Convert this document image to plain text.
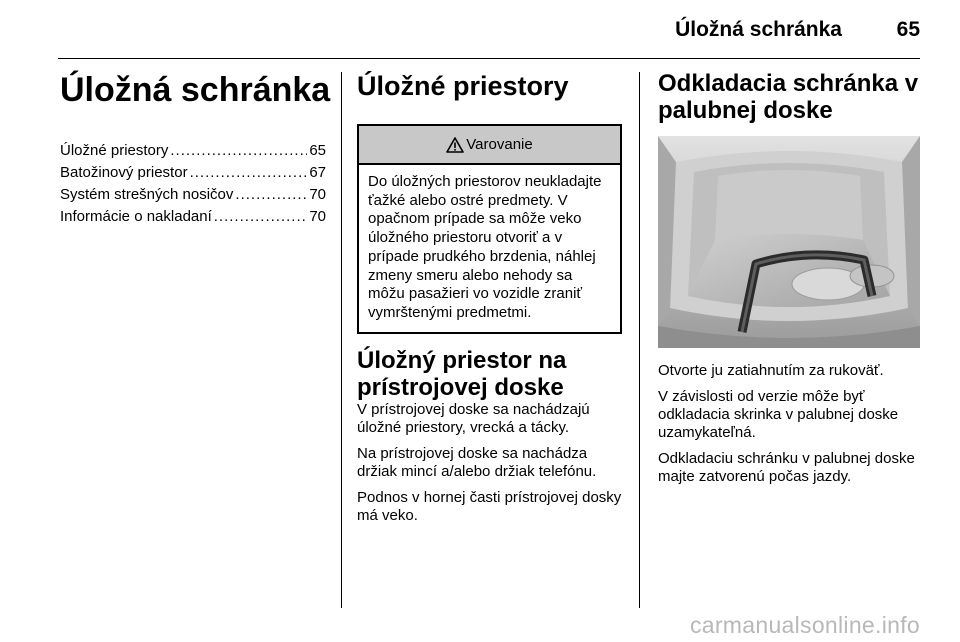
Úložná schránka	65
Úložná schránka
Úložné priestory .....	65
Batožinový priestor .....	67
Systém strešných nosičov .....	70
Informácie o nakladaní .....	70
Úložné priestory
Varovanie
Do úložných priestorov neukladajte ťažké alebo ostré predmety. V opačnom prípade sa môže veko úložného priestoru otvoriť a v prípade prudkého brzdenia, náhlej zmeny smeru alebo nehody sa môžu pasažieri vo vozidle zraniť vymrštenými predmetmi.
Úložný priestor na prístrojovej doske

V prístrojovej doske sa nachádzajú úložné priestory, vrecká a tácky.

Na prístrojovej doske sa nachádza držiak mincí a/alebo držiak telefónu.

Podnos v hornej časti prístrojovej dosky má veko.

Odkladacia schránka v palubnej doske

Otvorte ju zatiahnutím za rukoväť.

V závislosti od verzie môže byť odkladacia skrinka v palubnej doske uzamykateľná.

Odkladaciu schránku v palubnej doske majte zatvorenú počas jazdy.

carmanualsonline.info
